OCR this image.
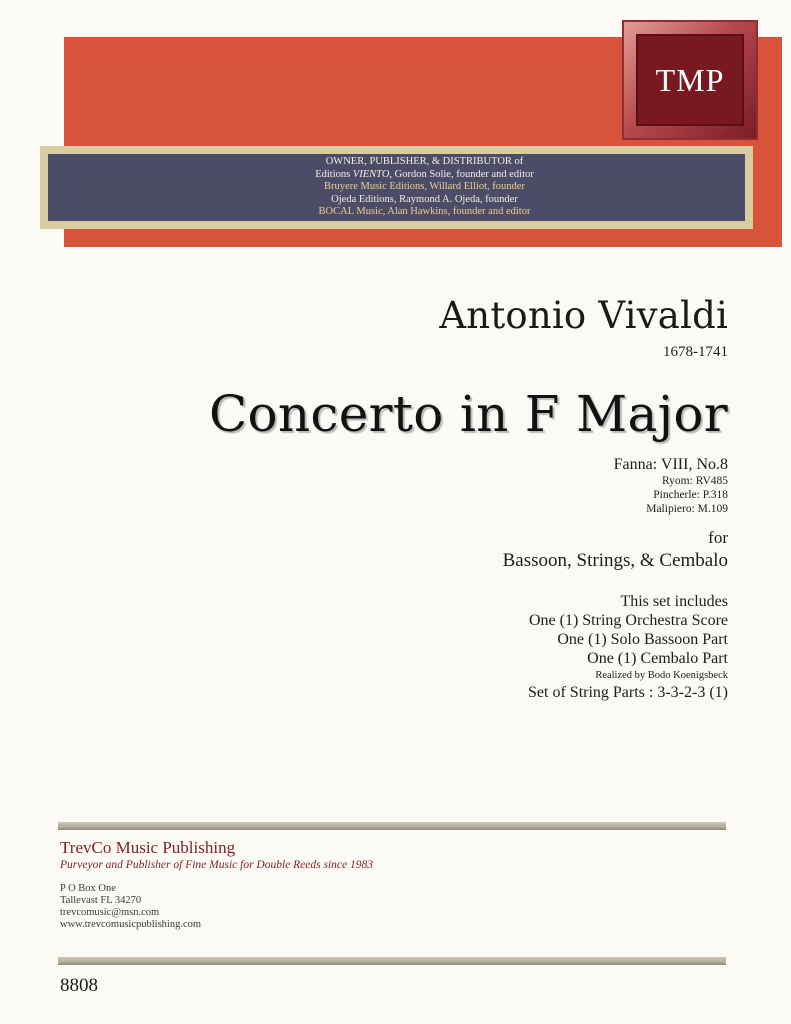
TMP
OWNER, PUBLISHER, & DISTRIBUTOR of
Editions VIENTO, Gordon Solie, founder and editor
Bruyere Music Editions, Willard Elliot, founder
Ojeda Editions, Raymond A. Ojeda, founder
BOCAL Music, Alan Hawkins, founder and editor
Antonio Vivaldi
1678-1741
Concerto in F Major
Fanna: VIII, No.8
Ryom: RV485
Pincherle: P.318
Malipiero: M.109
for
Bassoon, Strings, & Cembalo
This set includes
One (1) String Orchestra Score
One (1) Solo Bassoon Part
One (1) Cembalo Part
Realized by Bodo Koenigsbeck
Set of String Parts : 3-3-2-3 (1)
TrevCo Music Publishing
Purveyor and Publisher of Fine Music for Double Reeds since 1983
P O Box One
Tallevast FL 34270
trevcomusic@msn.com
www.trevcomusicpublishing.com
8808
